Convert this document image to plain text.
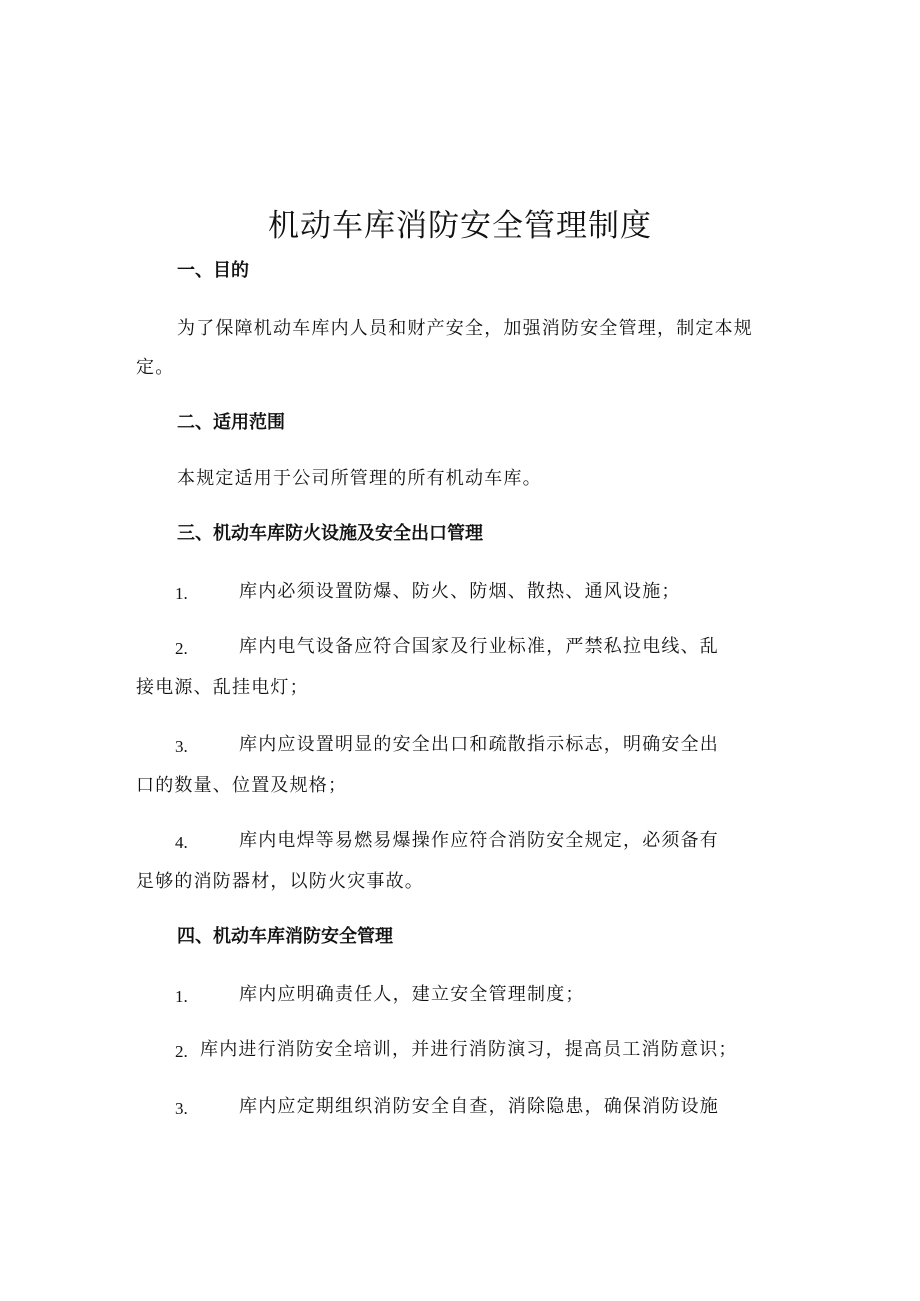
机动车库消防安全管理制度
一、目的
为了保障机动车库内人员和财产安全，加强消防安全管理，制定本规
定。
二、适用范围
本规定适用于公司所管理的所有机动车库。
三、机动车库防火设施及安全出口管理
1.	库内必须设置防爆、防火、防烟、散热、通风设施；
2.	库内电气设备应符合国家及行业标准，严禁私拉电线、乱
接电源、乱挂电灯；
3.	库内应设置明显的安全出口和疏散指示标志，明确安全出
口的数量、位置及规格；
4.	库内电焊等易燃易爆操作应符合消防安全规定，必须备有
足够的消防器材，以防火灾事故。
四、机动车库消防安全管理
1.	库内应明确责任人，建立安全管理制度；
2. 库内进行消防安全培训，并进行消防演习，提高员工消防意识；
3.	库内应定期组织消防安全自查，消除隐患，确保消防设施
